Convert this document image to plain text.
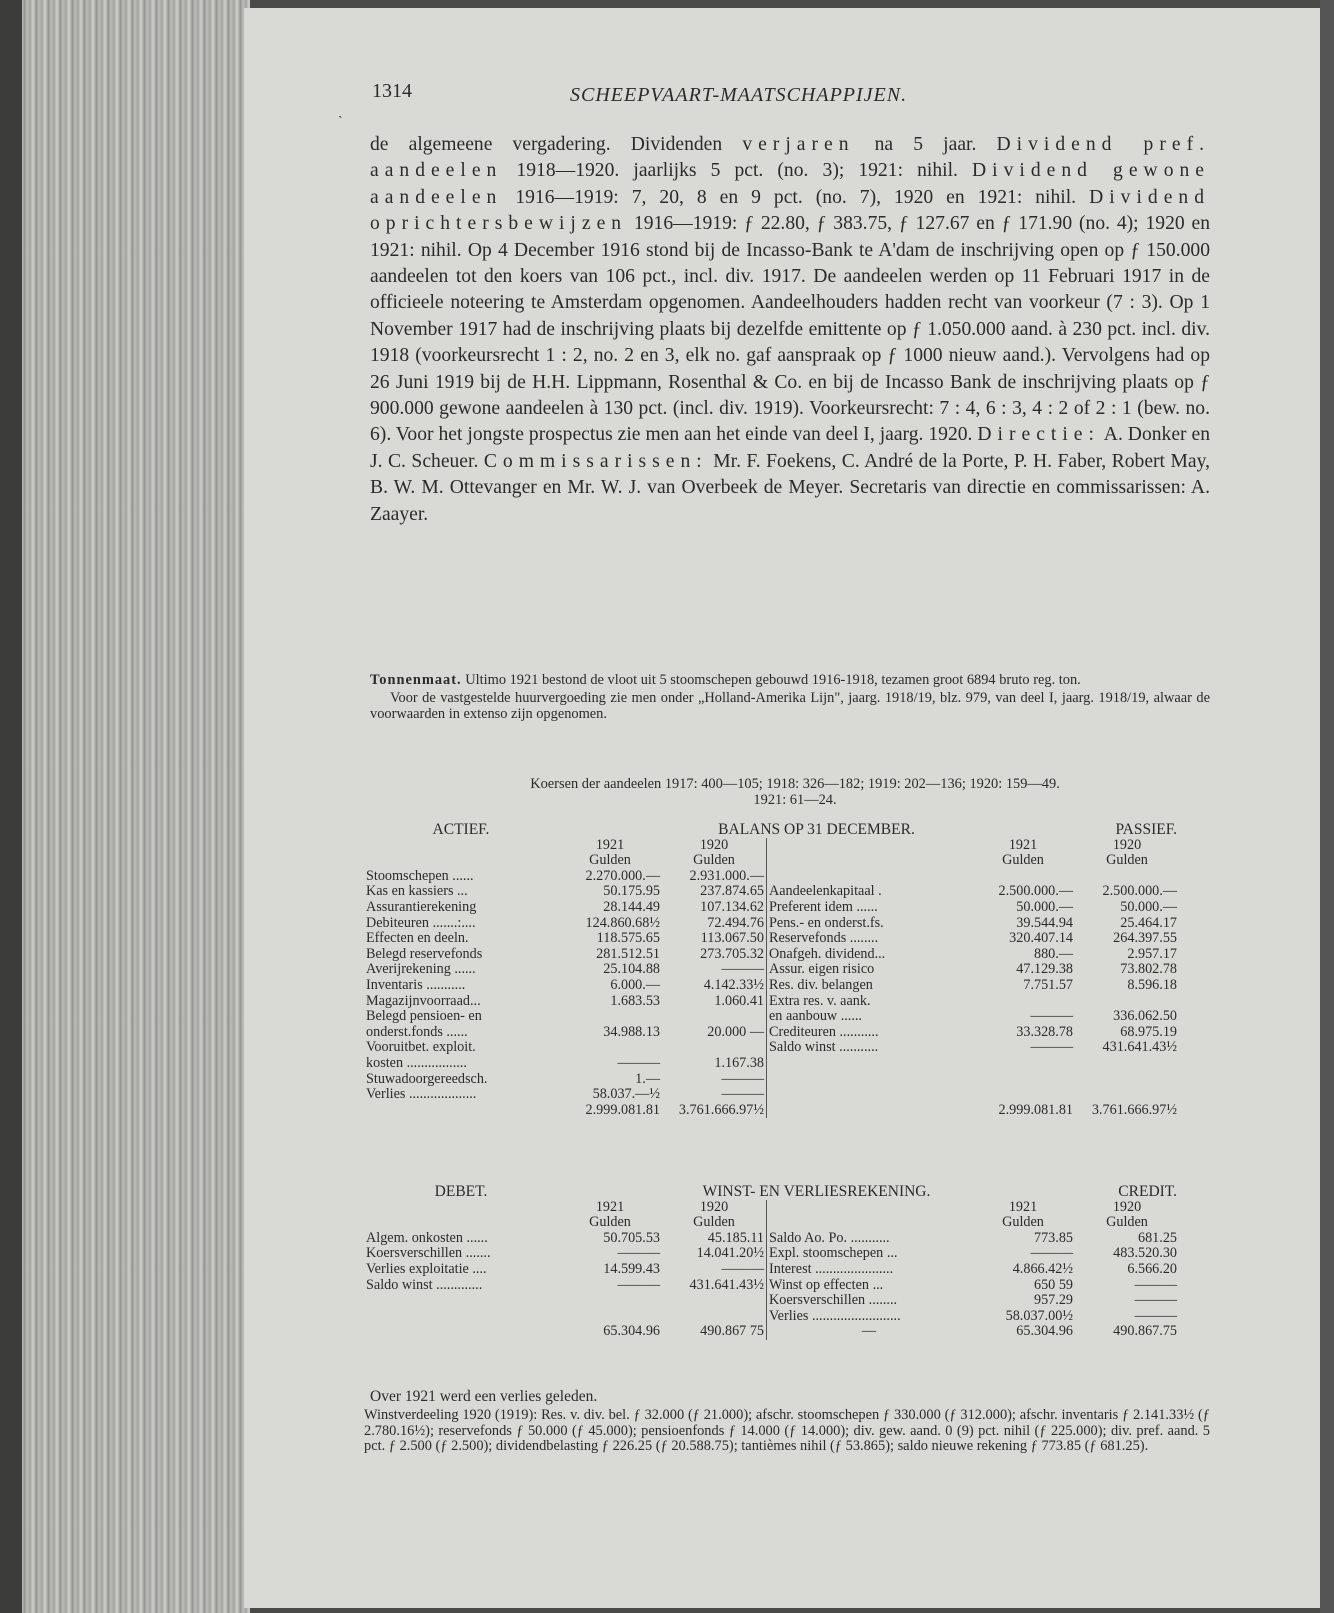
ˏ
1314	SCHEEPVAART-MAATSCHAPPIJEN.

de algemeene vergadering. Dividenden verjaren na 5 jaar. Dividend pref. aandeelen 1918—1920. jaarlijks 5 pct. (no. 3); 1921: nihil. Dividend gewone aandeelen 1916—1919: 7, 20, 8 en 9 pct. (no. 7), 1920 en 1921: nihil. Dividend oprichtersbewijzen 1916—1919: ƒ 22.80, ƒ 383.75, ƒ 127.67 en ƒ 171.90 (no. 4); 1920 en 1921: nihil. Op 4 December 1916 stond bij de Incasso-Bank te A'dam de inschrijving open op ƒ 150.000 aandeelen tot den koers van 106 pct., incl. div. 1917. De aandeelen werden op 11 Februari 1917 in de officieele noteering te Amsterdam opgenomen. Aandeelhouders hadden recht van voorkeur (7 : 3). Op 1 November 1917 had de inschrijving plaats bij dezelfde emittente op ƒ 1.050.000 aand. à 230 pct. incl. div. 1918 (voorkeursrecht 1 : 2, no. 2 en 3, elk no. gaf aanspraak op ƒ 1000 nieuw aand.). Vervolgens had op 26 Juni 1919 bij de H.H. Lippmann, Rosenthal & Co. en bij de Incasso Bank de inschrijving plaats op ƒ 900.000 gewone aandeelen à 130 pct. (incl. div. 1919). Voorkeursrecht: 7 : 4, 6 : 3, 4 : 2 of 2 : 1 (bew. no. 6). Voor het jongste prospectus zie men aan het einde van deel I, jaarg. 1920. Directie: A. Donker en J. C. Scheuer. Commissarissen: Mr. F. Foekens, C. André de la Porte, P. H. Faber, Robert May, B. W. M. Ottevanger en Mr. W. J. van Overbeek de Meyer. Secretaris van directie en commissarissen: A. Zaayer.

Tonnenmaat. Ultimo 1921 bestond de vloot uit 5 stoomschepen gebouwd 1916-1918, tezamen groot 6894 bruto reg. ton.

Voor de vastgestelde huurvergoeding zie men onder „Holland-Amerika Lijn", jaarg. 1918/19, blz. 979, van deel I, jaarg. 1918/19, alwaar de voorwaarden in extenso zijn opgenomen.

Koersen der aandeelen 1917: 400—105; 1918: 326—182; 1919: 202—136; 1920: 159—49.
1921: 61—24.
ACTIEF.	BALANS OP 31 DECEMBER.				PASSIEF.
	1921	1920		1921	1920
	Gulden	Gulden		Gulden	Gulden
Stoomschepen ......	2.270.000.—	2.931.000.—			
Kas en kassiers ...	50.175.95	237.874.65	Aandeelenkapitaal .	2.500.000.—	2.500.000.—
Assurantierekening	28.144.49	107.134.62	Preferent idem ......	50.000.—	50.000.—
Debiteuren .......:....	124.860.68½	72.494.76	Pens.- en onderst.fs.	39.544.94	25.464.17
Effecten en deeln.	118.575.65	113.067.50	Reservefonds ........	320.407.14	264.397.55
Belegd reservefonds	281.512.51	273.705.32	Onafgeh. dividend...	880.—	2.957.17
Averijrekening ......	25.104.88	———	Assur. eigen risico	47.129.38	73.802.78
Inventaris ...........	6.000.—	4.142.33½	Res. div. belangen	7.751.57	8.596.18
Magazijnvoorraad...	1.683.53	1.060.41	Extra res. v. aank.		
Belegd pensioen- en			en aanbouw ......	———	336.062.50
onderst.fonds ......	34.988.13	20.000 —	Crediteuren ...........	33.328.78	68.975.19
Vooruitbet. exploit.			Saldo winst ...........	———	431.641.43½
kosten .................	———	1.167.38			
Stuwadoorgereedsch.	1.—	———			
Verlies ...................	58.037.—½	———			
	2.999.081.81	3.761.666.97½		2.999.081.81	3.761.666.97½
DEBET.	WINST- EN VERLIESREKENING.				CREDIT.
	1921	1920		1921	1920
	Gulden	Gulden		Gulden	Gulden
Algem. onkosten ......	50.705.53	45.185.11	Saldo Ao. Po. ...........	773.85	681.25
Koersverschillen .......	———	14.041.20½	Expl. stoomschepen ...	———	483.520.30
Verlies exploitatie ....	14.599.43	———	Interest ......................	4.866.42½	6.566.20
Saldo winst .............	———	431.641.43½	Winst op effecten ...	650 59	———
			Koersverschillen ........	957.29	———
			Verlies .........................	58.037.00½	———
	65.304.96	490.867 75	—	65.304.96	490.867.75
Over 1921 werd een verlies geleden.
Winstverdeeling 1920 (1919): Res. v. div. bel. ƒ 32.000 (ƒ 21.000); afschr. stoomschepen ƒ 330.000 (ƒ 312.000); afschr. inventaris ƒ 2.141.33½ (ƒ 2.780.16½); reservefonds ƒ 50.000 (ƒ 45.000); pensioenfonds ƒ 14.000 (ƒ 14.000); div. gew. aand. 0 (9) pct. nihil (ƒ 225.000); div. pref. aand. 5 pct. ƒ 2.500 (ƒ 2.500); dividendbelasting ƒ 226.25 (ƒ 20.588.75); tantièmes nihil (ƒ 53.865); saldo nieuwe rekening ƒ 773.85 (ƒ 681.25).
